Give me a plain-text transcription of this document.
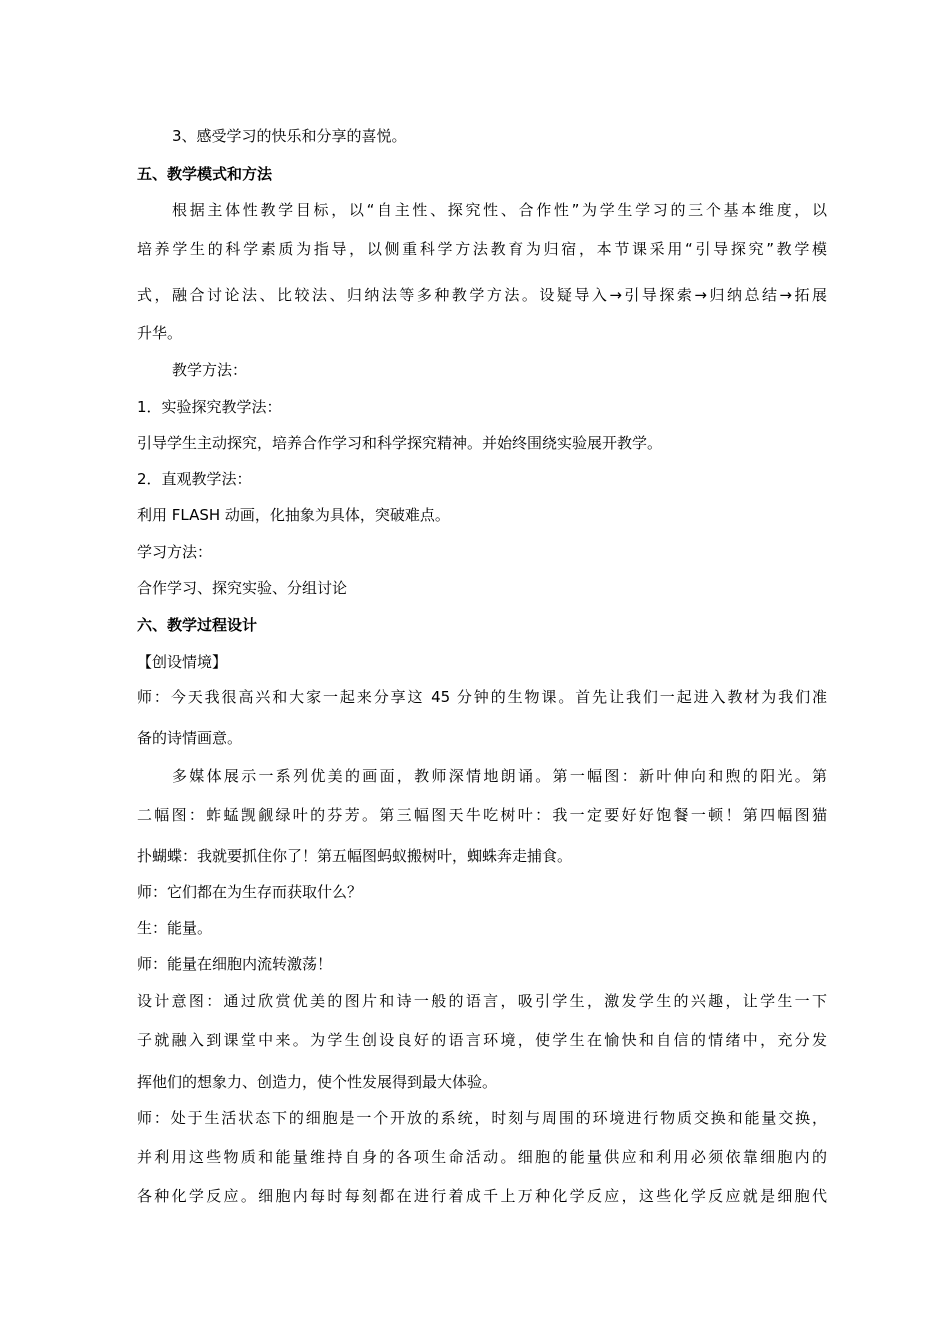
3、感受学习的快乐和分享的喜悦。

五、教学模式和方法

根据主体性教学目标，以“自主性、探究性、合作性”为学生学习的三个基本维度，以

培养学生的科学素质为指导，以侧重科学方法教育为归宿，本节课采用“引导探究”教学模

式，融合讨论法、比较法、归纳法等多种教学方法。设疑导入→引导探索→归纳总结→拓展

升华。

教学方法：

1．实验探究教学法：

引导学生主动探究，培养合作学习和科学探究精神。并始终围绕实验展开教学。

2．直观教学法：

利用 FLASH 动画，化抽象为具体，突破难点。

学习方法：

合作学习、探究实验、分组讨论

六、教学过程设计

【创设情境】

师：今天我很高兴和大家一起来分享这 45 分钟的生物课。首先让我们一起进入教材为我们准

备的诗情画意。

多媒体展示一系列优美的画面，教师深情地朗诵。第一幅图：新叶伸向和煦的阳光。第

二幅图：蚱蜢觊觎绿叶的芬芳。第三幅图天牛吃树叶：我一定要好好饱餐一顿！第四幅图猫

扑蝴蝶：我就要抓住你了！第五幅图蚂蚁搬树叶，蜘蛛奔走捕食。

师：它们都在为生存而获取什么？

生：能量。

师：能量在细胞内流转激荡！

设计意图：通过欣赏优美的图片和诗一般的语言，吸引学生，激发学生的兴趣，让学生一下

子就融入到课堂中来。为学生创设良好的语言环境，使学生在愉快和自信的情绪中，充分发

挥他们的想象力、创造力，使个性发展得到最大体验。

师：处于生活状态下的细胞是一个开放的系统，时刻与周围的环境进行物质交换和能量交换，

并利用这些物质和能量维持自身的各项生命活动。细胞的能量供应和利用必须依靠细胞内的

各种化学反应。细胞内每时每刻都在进行着成千上万种化学反应，这些化学反应就是细胞代
